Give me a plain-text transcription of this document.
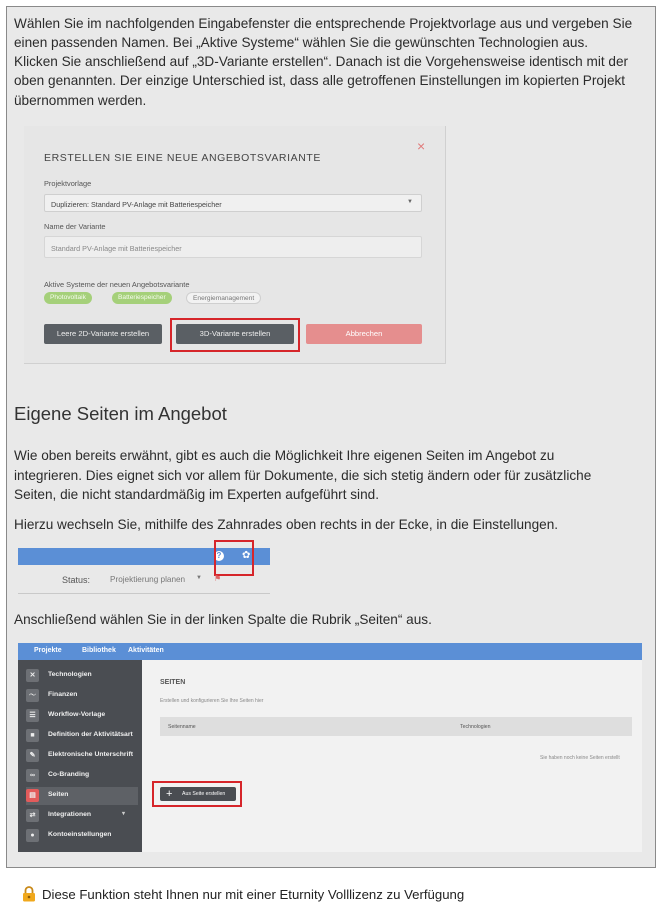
Wählen Sie im nachfolgenden Eingabefenster die entsprechende Projektvorlage aus und vergeben Sie
einen passenden Namen. Bei „Aktive Systeme“ wählen Sie die gewünschten Technologien aus.
Klicken Sie anschließend auf „3D-Variante erstellen“. Danach ist die Vorgehensweise identisch mit der
oben genannten. Der einzige Unterschied ist, dass alle getroffenen Einstellungen im kopierten Projekt
übernommen werden.
ERSTELLEN SIE EINE NEUE ANGEBOTSVARIANTE
×
Projektvorlage
Duplizieren: Standard PV-Anlage mit Batteriespeicher	▼
Name der Variante
Standard PV-Anlage mit Batteriespeicher
Aktive Systeme der neuen Angebotsvariante
Photovoltaik	Batteriespeicher	Energiemanagement
Leere 2D-Variante erstellen	3D-Variante erstellen	Abbrechen
Eigene Seiten im Angebot
Wie oben bereits erwähnt, gibt es auch die Möglichkeit Ihre eigenen Seiten im Angebot zu
integrieren. Dies eignet sich vor allem für Dokumente, die sich stetig ändern oder für zusätzliche
Seiten, die nicht standardmäßig im Experten aufgeführt sind.
Hierzu wechseln Sie, mithilfe des Zahnrades oben rechts in der Ecke, in die Einstellungen.
? ✿
Status: Projektierung planen ▼ ⚑
Anschließend wählen Sie in der linken Spalte die Rubrik „Seiten“ aus.
Projekte	Bibliothek Aktivitäten
✕	Technologien
〜	Finanzen
☰	Workflow-Vorlage
■	Definition der Aktivitätsart
✎	Elektronische Unterschrift
∞	Co-Branding
▤	Seiten
⇄	Integrationen	▾
●	Kontoeinstellungen
SEITEN
Erstellen und konfigurieren Sie Ihre Seiten hier
Seitenname	Technologien
Sie haben noch keine Seiten erstellt
+ Aus Seite erstellen
Diese Funktion steht Ihnen nur mit einer Eturnity Volllizenz zu Verfügung
